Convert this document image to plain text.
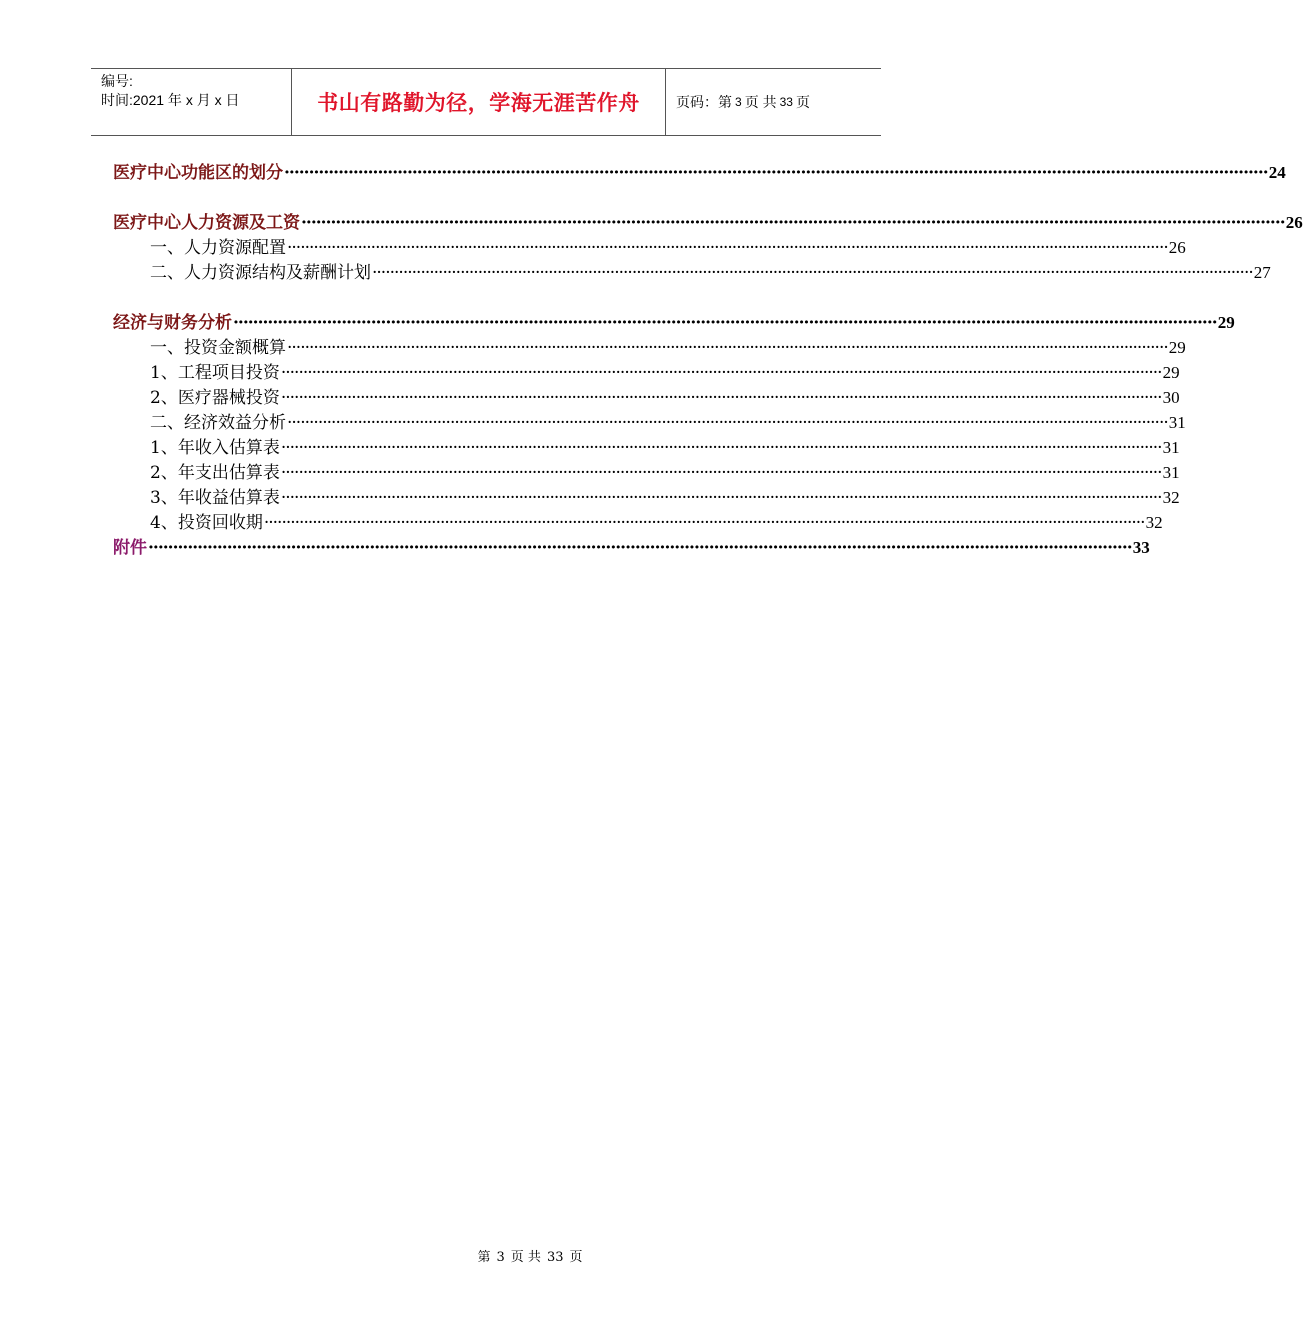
编号:
时间:2021 年 x 月 x 日	书山有路勤为径，学海无涯苦作舟	页码：第 3 页 共 33 页
医疗中心功能区的划分 ········································································································································································································ 24
医疗中心人力资源及工资 ········································································································································································································ 26
一、人力资源配置 ········································································································································································································ 26
二、人力资源结构及薪酬计划 ········································································································································································································ 27
经济与财务分析 ········································································································································································································ 29
一、投资金额概算 ········································································································································································································ 29
1、工程项目投资 ········································································································································································································ 29
2、医疗器械投资 ········································································································································································································ 30
二、经济效益分析 ········································································································································································································ 31
1、年收入估算表 ········································································································································································································ 31
2、年支出估算表 ········································································································································································································ 31
3、年收益估算表 ········································································································································································································ 32
4、投资回收期 ········································································································································································································ 32
附件 ········································································································································································································ 33
第 3 页 共 33 页
